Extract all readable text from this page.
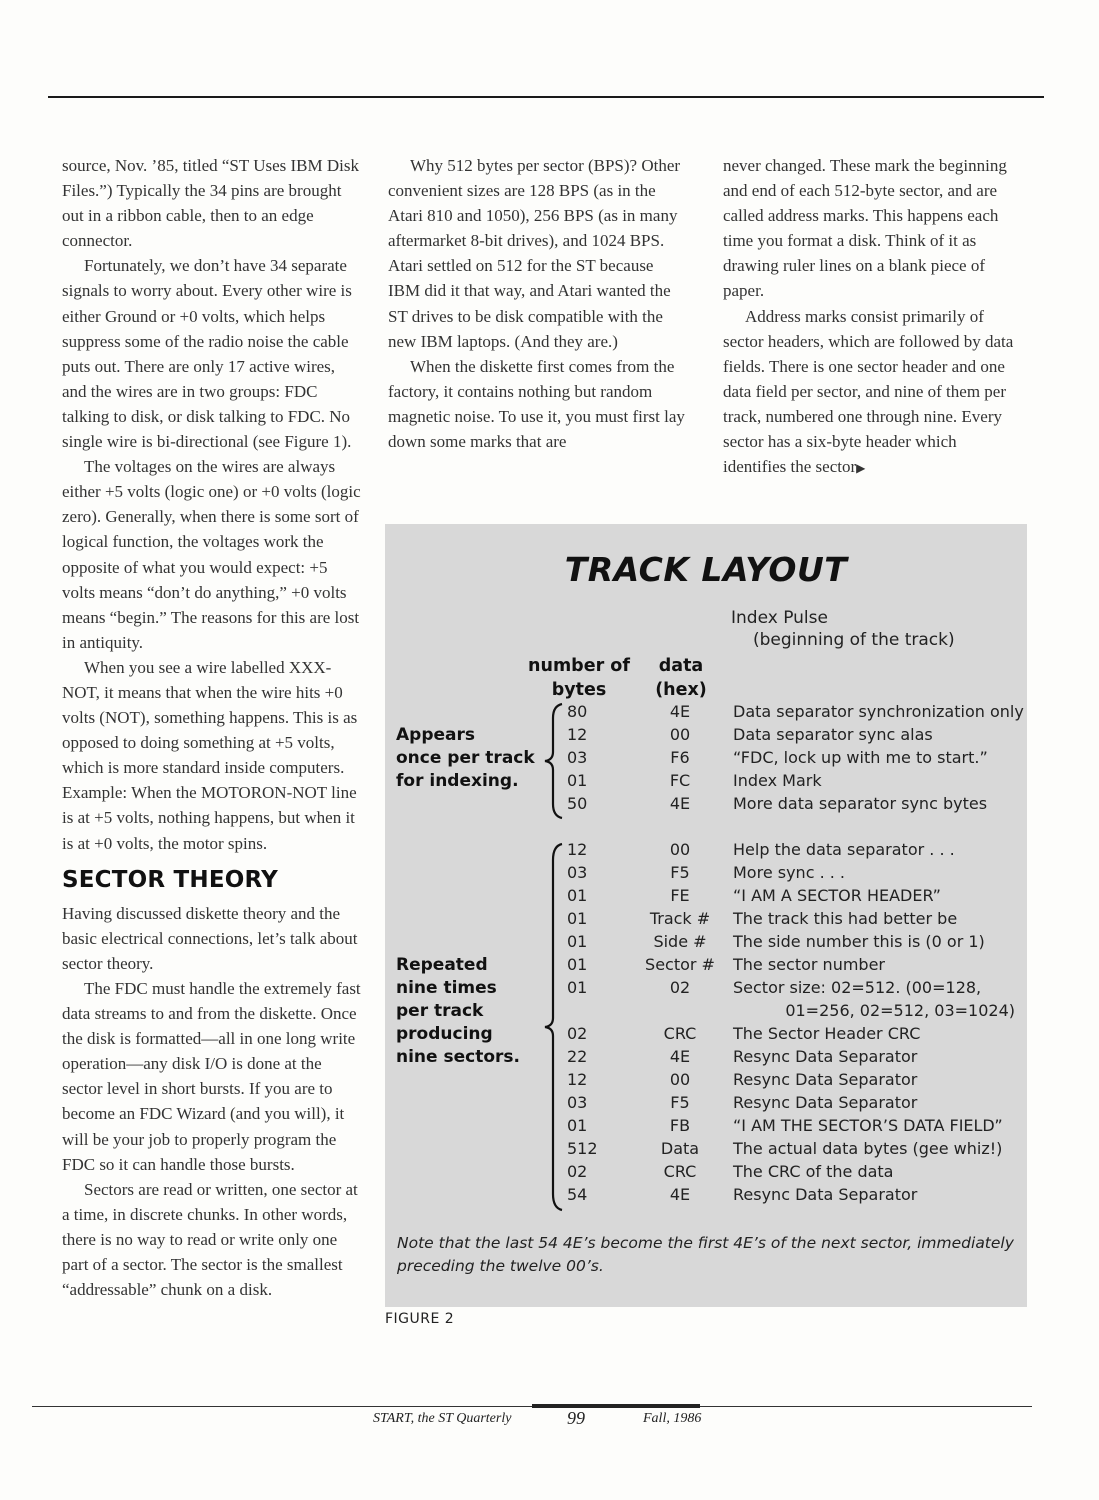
source, Nov. ’85, titled “ST Uses IBM Disk Files.”) Typically the 34 pins are brought out in a ribbon cable, then to an edge connector.

Fortunately, we don’t have 34 separate signals to worry about. Every other wire is either Ground or +0 volts, which helps suppress some of the radio noise the cable puts out. There are only 17 active wires, and the wires are in two groups: FDC talking to disk, or disk talking to FDC. No single wire is bi-directional (see Figure 1).

The voltages on the wires are always either +5 volts (logic one) or +0 volts (logic zero). Generally, when there is some sort of logical function, the voltages work the opposite of what you would expect: +5 volts means “don’t do anything,” +0 volts means “begin.” The reasons for this are lost in antiquity.

When you see a wire labelled XXX-NOT, it means that when the wire hits +0 volts (NOT), something happens. This is as opposed to doing something at +5 volts, which is more standard inside computers. Example: When the MOTORON-NOT line is at +5 volts, nothing happens, but when it is at +0 volts, the motor spins.

SECTOR THEORY

Having discussed diskette theory and the basic electrical connections, let’s talk about sector theory.

The FDC must handle the extremely fast data streams to and from the diskette. Once the disk is formatted—all in one long write operation—any disk I/O is done at the sector level in short bursts. If you are to become an FDC Wizard (and you will), it will be your job to properly program the FDC so it can handle those bursts.

Sectors are read or written, one sector at a time, in discrete chunks. In other words, there is no way to read or write only one part of a sector. The sector is the smallest “addressable” chunk on a disk.

Why 512 bytes per sector (BPS)? Other convenient sizes are 128 BPS (as in the Atari 810 and 1050), 256 BPS (as in many aftermarket 8-bit drives), and 1024 BPS. Atari settled on 512 for the ST because IBM did it that way, and Atari wanted the ST drives to be disk compatible with the new IBM laptops. (And they are.)

When the diskette first comes from the factory, it contains nothing but random magnetic noise. To use it, you must first lay down some marks that are

never changed. These mark the beginning and end of each 512-byte sector, and are called address marks. This happens each time you format a disk. Think of it as drawing ruler lines on a blank piece of paper.

Address marks consist primarily of sector headers, which are followed by data fields. There is one sector header and one data field per sector, and nine of them per track, numbered one through nine. Every sector has a six-byte header which identifies the sector▶

TRACK LAYOUT
Index Pulse
(beginning of the track)
number of
bytes
data
(hex)
Appears
once per track
for indexing.
Repeated
nine times
per track
producing
nine sectors.
80	4E	Data separator synchronization only
12	00	Data separator sync alas
03	F6	“FDC, lock up with me to start.”
01	FC	Index Mark
50	4E	More data separator sync bytes
12	00	Help the data separator . . .
03	F5	More sync . . .
01	FE	“I AM A SECTOR HEADER”
01	Track #	The track this had better be
01	Side #	The side number this is (0 or 1)
01	Sector #	The sector number
01	02	Sector size: 02=512. (00=128,
01=256, 02=512, 03=1024)
02	CRC	The Sector Header CRC
22	4E	Resync Data Separator
12	00	Resync Data Separator
03	F5	Resync Data Separator
01	FB	“I AM THE SECTOR’S DATA FIELD”
512	Data	The actual data bytes (gee whiz!)
02	CRC	The CRC of the data
54	4E	Resync Data Separator
Note that the last 54 4E’s become the first 4E’s of the next sector, immediately preceding the twelve 00’s.
FIGURE 2
START, the ST Quarterly	99	Fall, 1986
